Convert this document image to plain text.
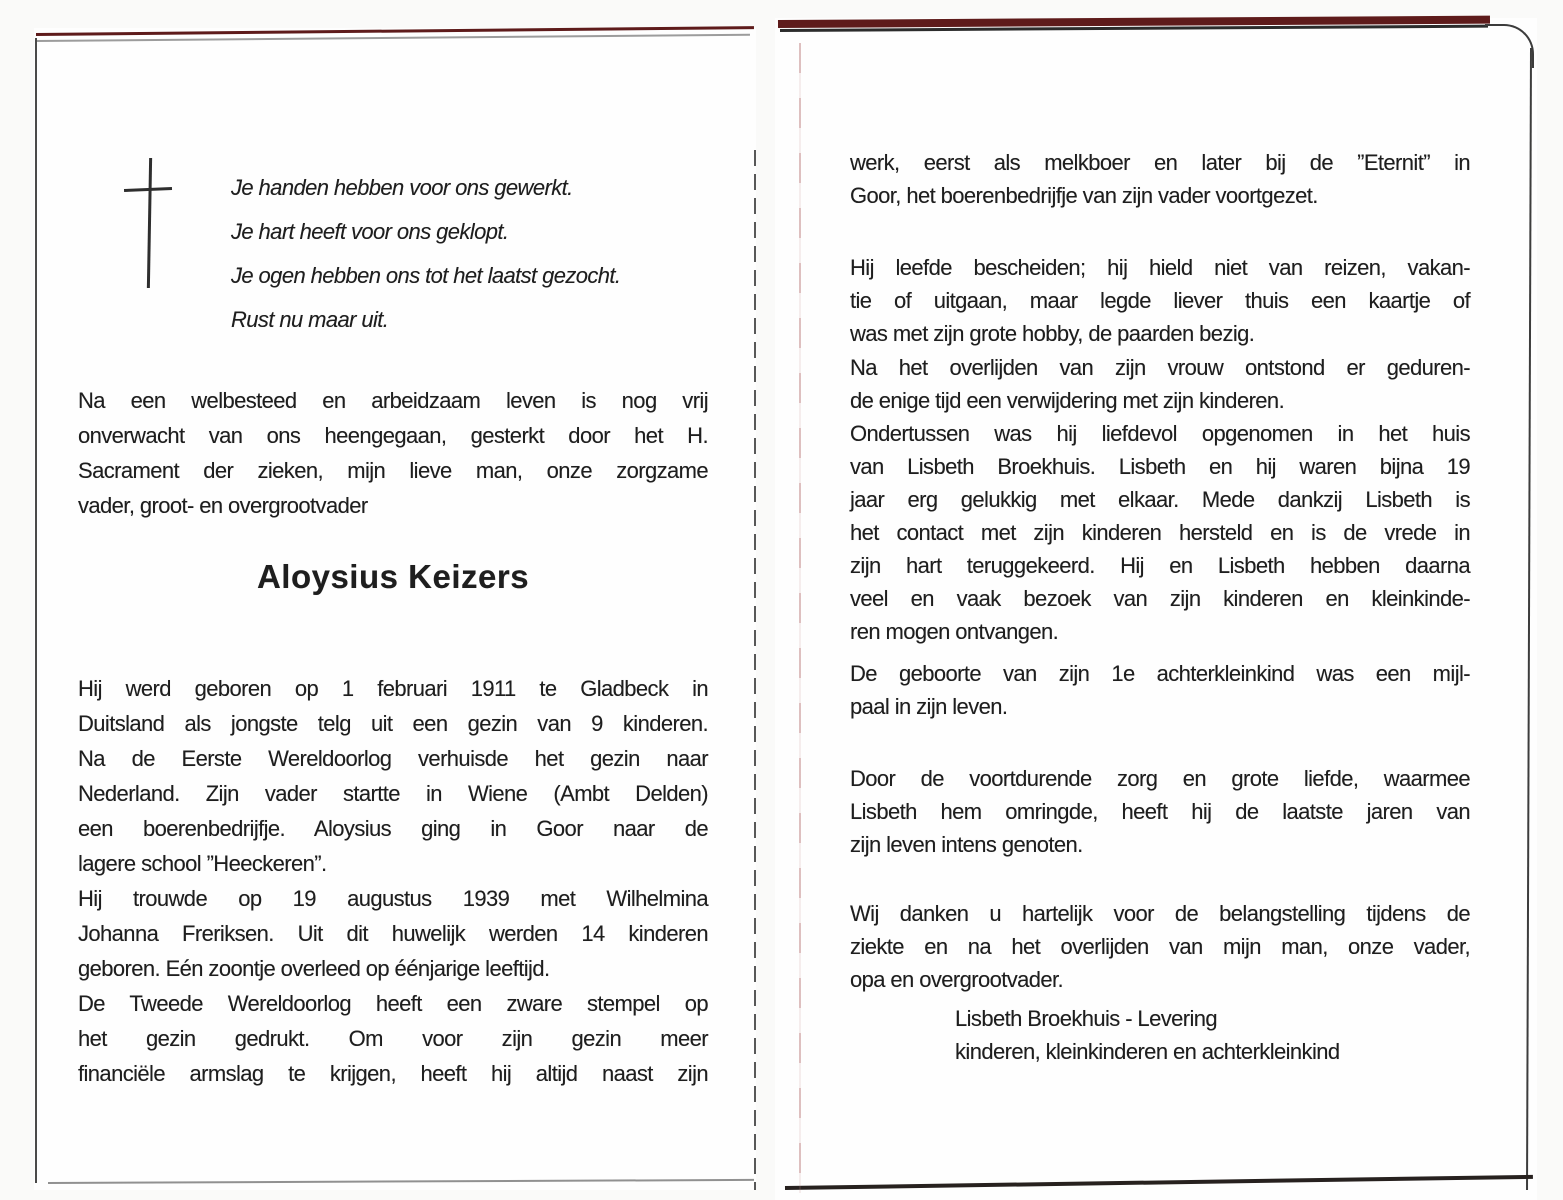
Je handen hebben voor ons gewerkt.
Je hart heeft voor ons geklopt.
Je ogen hebben ons tot het laatst gezocht.
Rust nu maar uit.
Na een welbesteed en arbeidzaam leven is nog vrij
onverwacht van ons heengegaan, gesterkt door het H.
Sacrament der zieken, mijn lieve man, onze zorgzame
vader, groot- en overgrootvader
Aloysius Keizers
Hij werd geboren op 1 februari 1911 te Gladbeck in
Duitsland als jongste telg uit een gezin van 9 kinderen.
Na de Eerste Wereldoorlog verhuisde het gezin naar
Nederland. Zijn vader startte in Wiene (Ambt Delden)
een boerenbedrijfje. Aloysius ging in Goor naar de
lagere school ”Heeckeren”.
Hij trouwde op 19 augustus 1939 met Wilhelmina
Johanna Freriksen. Uit dit huwelijk werden 14 kinderen
geboren. Eén zoontje overleed op éénjarige leeftijd.
De Tweede Wereldoorlog heeft een zware stempel op
het gezin gedrukt. Om voor zijn gezin meer
financiële armslag te krijgen, heeft hij altijd naast zijn
werk, eerst als melkboer en later bij de ”Eternit” in
Goor, het boerenbedrijfje van zijn vader voortgezet.
Hij leefde bescheiden; hij hield niet van reizen, vakan-
tie of uitgaan, maar legde liever thuis een kaartje of
was met zijn grote hobby, de paarden bezig.
Na het overlijden van zijn vrouw ontstond er geduren-
de enige tijd een verwijdering met zijn kinderen.
Ondertussen was hij liefdevol opgenomen in het huis
van Lisbeth Broekhuis. Lisbeth en hij waren bijna 19
jaar erg gelukkig met elkaar. Mede dankzij Lisbeth is
het contact met zijn kinderen hersteld en is de vrede in
zijn hart teruggekeerd. Hij en Lisbeth hebben daarna
veel en vaak bezoek van zijn kinderen en kleinkinde-
ren mogen ontvangen.
De geboorte van zijn 1e achterkleinkind was een mijl-
paal in zijn leven.
Door de voortdurende zorg en grote liefde, waarmee
Lisbeth hem omringde, heeft hij de laatste jaren van
zijn leven intens genoten.
Wij danken u hartelijk voor de belangstelling tijdens de
ziekte en na het overlijden van mijn man, onze vader,
opa en overgrootvader.
Lisbeth Broekhuis - Levering
kinderen, kleinkinderen en achterkleinkind
